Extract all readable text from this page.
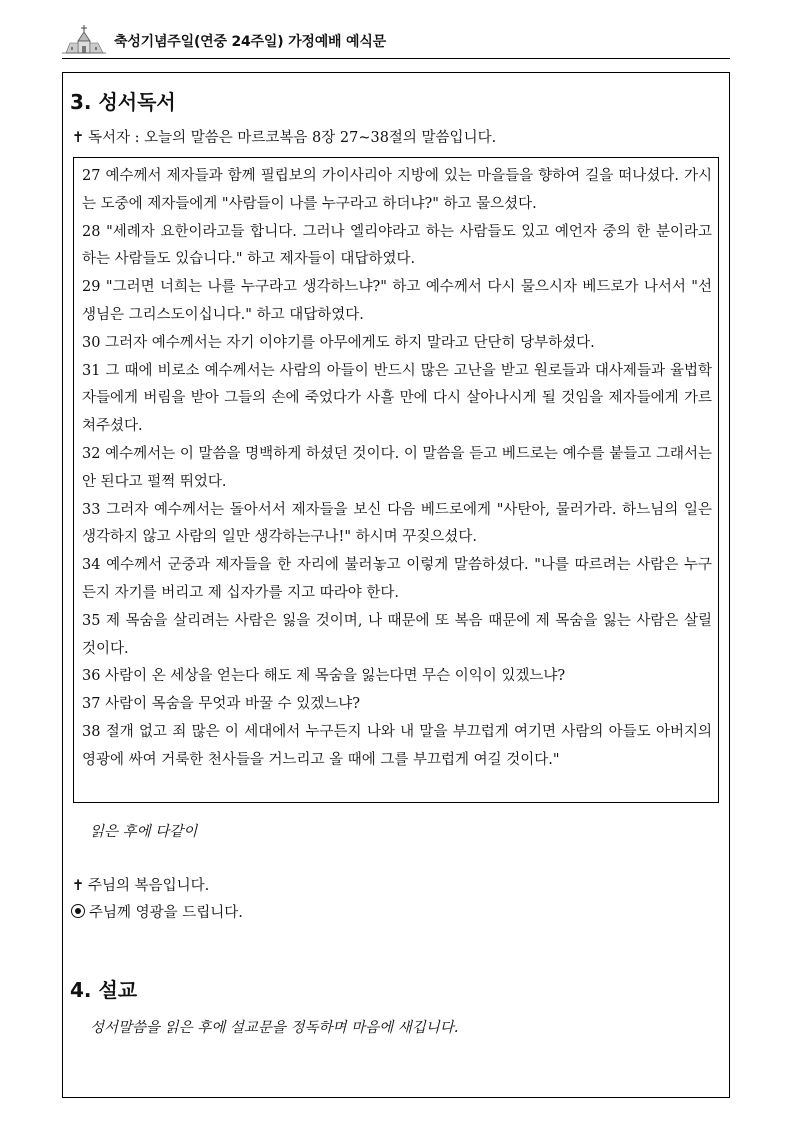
축성기념주일(연중 24주일) 가정예배 예식문
3. 성서독서
✝ 독서자 : 오늘의 말씀은 마르코복음 8장 27~38절의 말씀입니다.

27 예수께서 제자들과 함께 필립보의 가이사리아 지방에 있는 마을들을 향하여 길을 떠나셨다. 가시는 도중에 제자들에게 "사람들이 나를 누구라고 하더냐?" 하고 물으셨다.

28 "세례자 요한이라고들 합니다. 그러나 엘리야라고 하는 사람들도 있고 예언자 중의 한 분이라고 하는 사람들도 있습니다." 하고 제자들이 대답하였다.

29 "그러면 너희는 나를 누구라고 생각하느냐?" 하고 예수께서 다시 물으시자 베드로가 나서서 "선생님은 그리스도이십니다." 하고 대답하였다.

30 그러자 예수께서는 자기 이야기를 아무에게도 하지 말라고 단단히 당부하셨다.

31 그 때에 비로소 예수께서는 사람의 아들이 반드시 많은 고난을 받고 원로들과 대사제들과 율법학자들에게 버림을 받아 그들의 손에 죽었다가 사흘 만에 다시 살아나시게 될 것임을 제자들에게 가르쳐주셨다.

32 예수께서는 이 말씀을 명백하게 하셨던 것이다. 이 말씀을 듣고 베드로는 예수를 붙들고 그래서는 안 된다고 펄쩍 뛰었다.

33 그러자 예수께서는 돌아서서 제자들을 보신 다음 베드로에게 "사탄아, 물러가라. 하느님의 일은 생각하지 않고 사람의 일만 생각하는구나!" 하시며 꾸짖으셨다.

34 예수께서 군중과 제자들을 한 자리에 불러놓고 이렇게 말씀하셨다. "나를 따르려는 사람은 누구든지 자기를 버리고 제 십자가를 지고 따라야 한다.

35 제 목숨을 살리려는 사람은 잃을 것이며, 나 때문에 또 복음 때문에 제 목숨을 잃는 사람은 살릴 것이다.

36 사람이 온 세상을 얻는다 해도 제 목숨을 잃는다면 무슨 이익이 있겠느냐?

37 사람이 목숨을 무엇과 바꿀 수 있겠느냐?

38 절개 없고 죄 많은 이 세대에서 누구든지 나와 내 말을 부끄럽게 여기면 사람의 아들도 아버지의 영광에 싸여 거룩한 천사들을 거느리고 올 때에 그를 부끄럽게 여길 것이다."

읽은 후에 다같이
✝ 주님의 복음입니다.
주님께 영광을 드립니다.
4. 설교
성서말씀을 읽은 후에 설교문을 정독하며 마음에 새깁니다.
